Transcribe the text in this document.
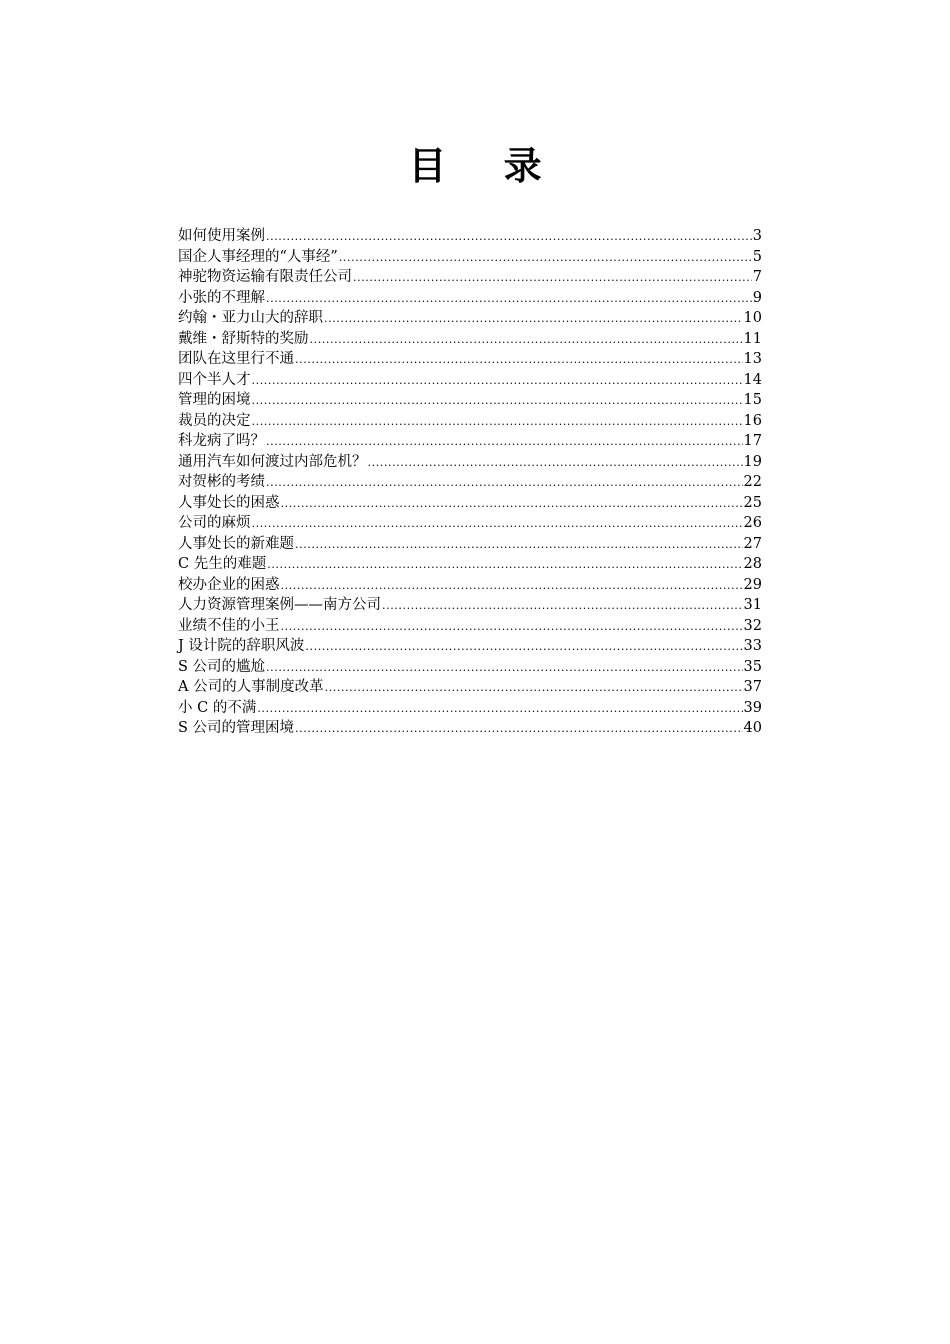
目 录
如何使用案例 .....	3
国企人事经理的“人事经” .....	5
神驼物资运输有限责任公司 .....	7
小张的不理解 .....	9
约翰・亚力山大的辞职 .....	10
戴维・舒斯特的奖励 .....	11
团队在这里行不通 .....	13
四个半人才 .....	14
管理的困境 .....	15
裁员的决定 .....	16
科龙病了吗？ .....	17
通用汽车如何渡过内部危机？ .....	19
对贺彬的考绩 .....	22
人事处长的困惑 .....	25
公司的麻烦 .....	26
人事处长的新难题 .....	27
C 先生的难题 .....	28
校办企业的困惑 .....	29
人力资源管理案例——南方公司 .....	31
业绩不佳的小王 .....	32
J 设计院的辞职风波 .....	33
S 公司的尴尬 .....	35
A 公司的人事制度改革 .....	37
小 C 的不满 .....	39
S 公司的管理困境 .....	40
